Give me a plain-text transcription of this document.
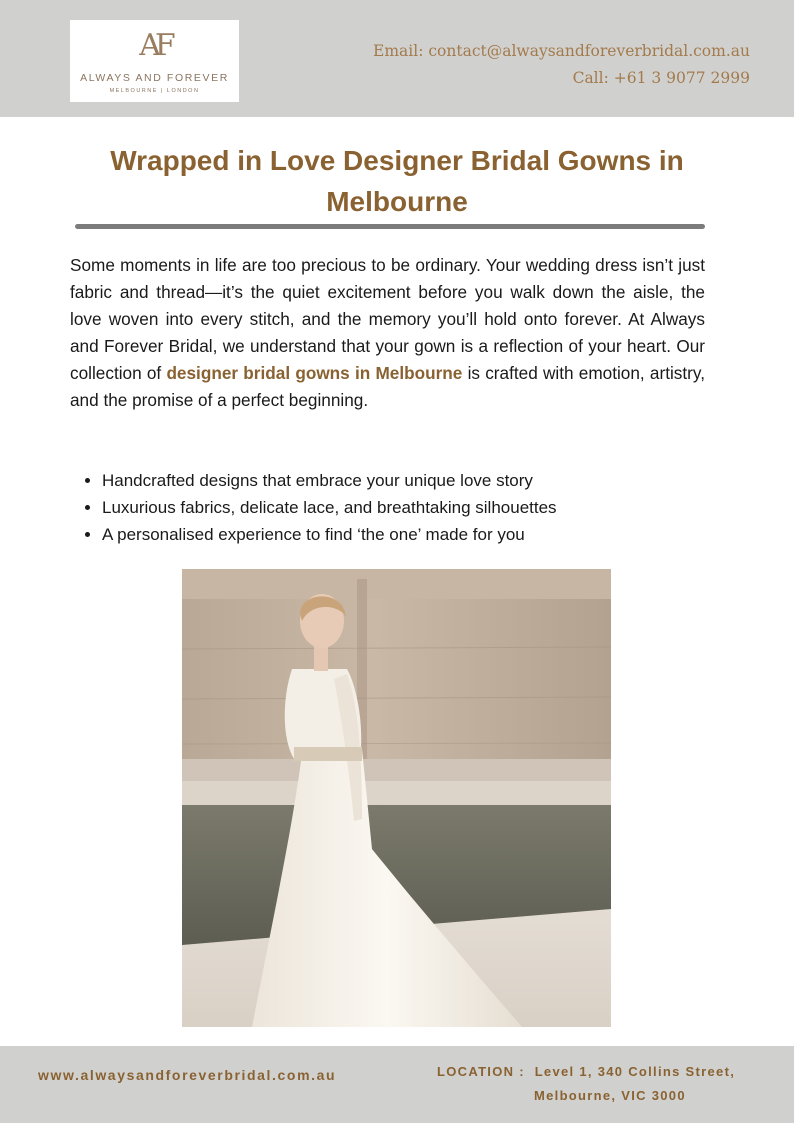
AF
ALWAYS AND FOREVER
MELBOURNE | LONDON
Email: contact@alwaysandforeverbridal.com.au
Call: +61 3 9077 2999
Wrapped in Love Designer Bridal Gowns in Melbourne

Some moments in life are too precious to be ordinary. Your wedding dress isn’t just fabric and thread—it’s the quiet excitement before you walk down the aisle, the love woven into every stitch, and the memory you’ll hold onto forever. At Always and Forever Bridal, we understand that your gown is a reflection of your heart. Our collection of designer bridal gowns in Melbourne is crafted with emotion, artistry, and the promise of a perfect beginning.

• Handcrafted designs that embrace your unique love story
• Luxurious fabrics, delicate lace, and breathtaking silhouettes
• A personalised experience to find ‘the one’ made for you
www.alwaysandforeverbridal.com.au	LOCATION : Level 1, 340 Collins Street,
Melbourne, VIC 3000
